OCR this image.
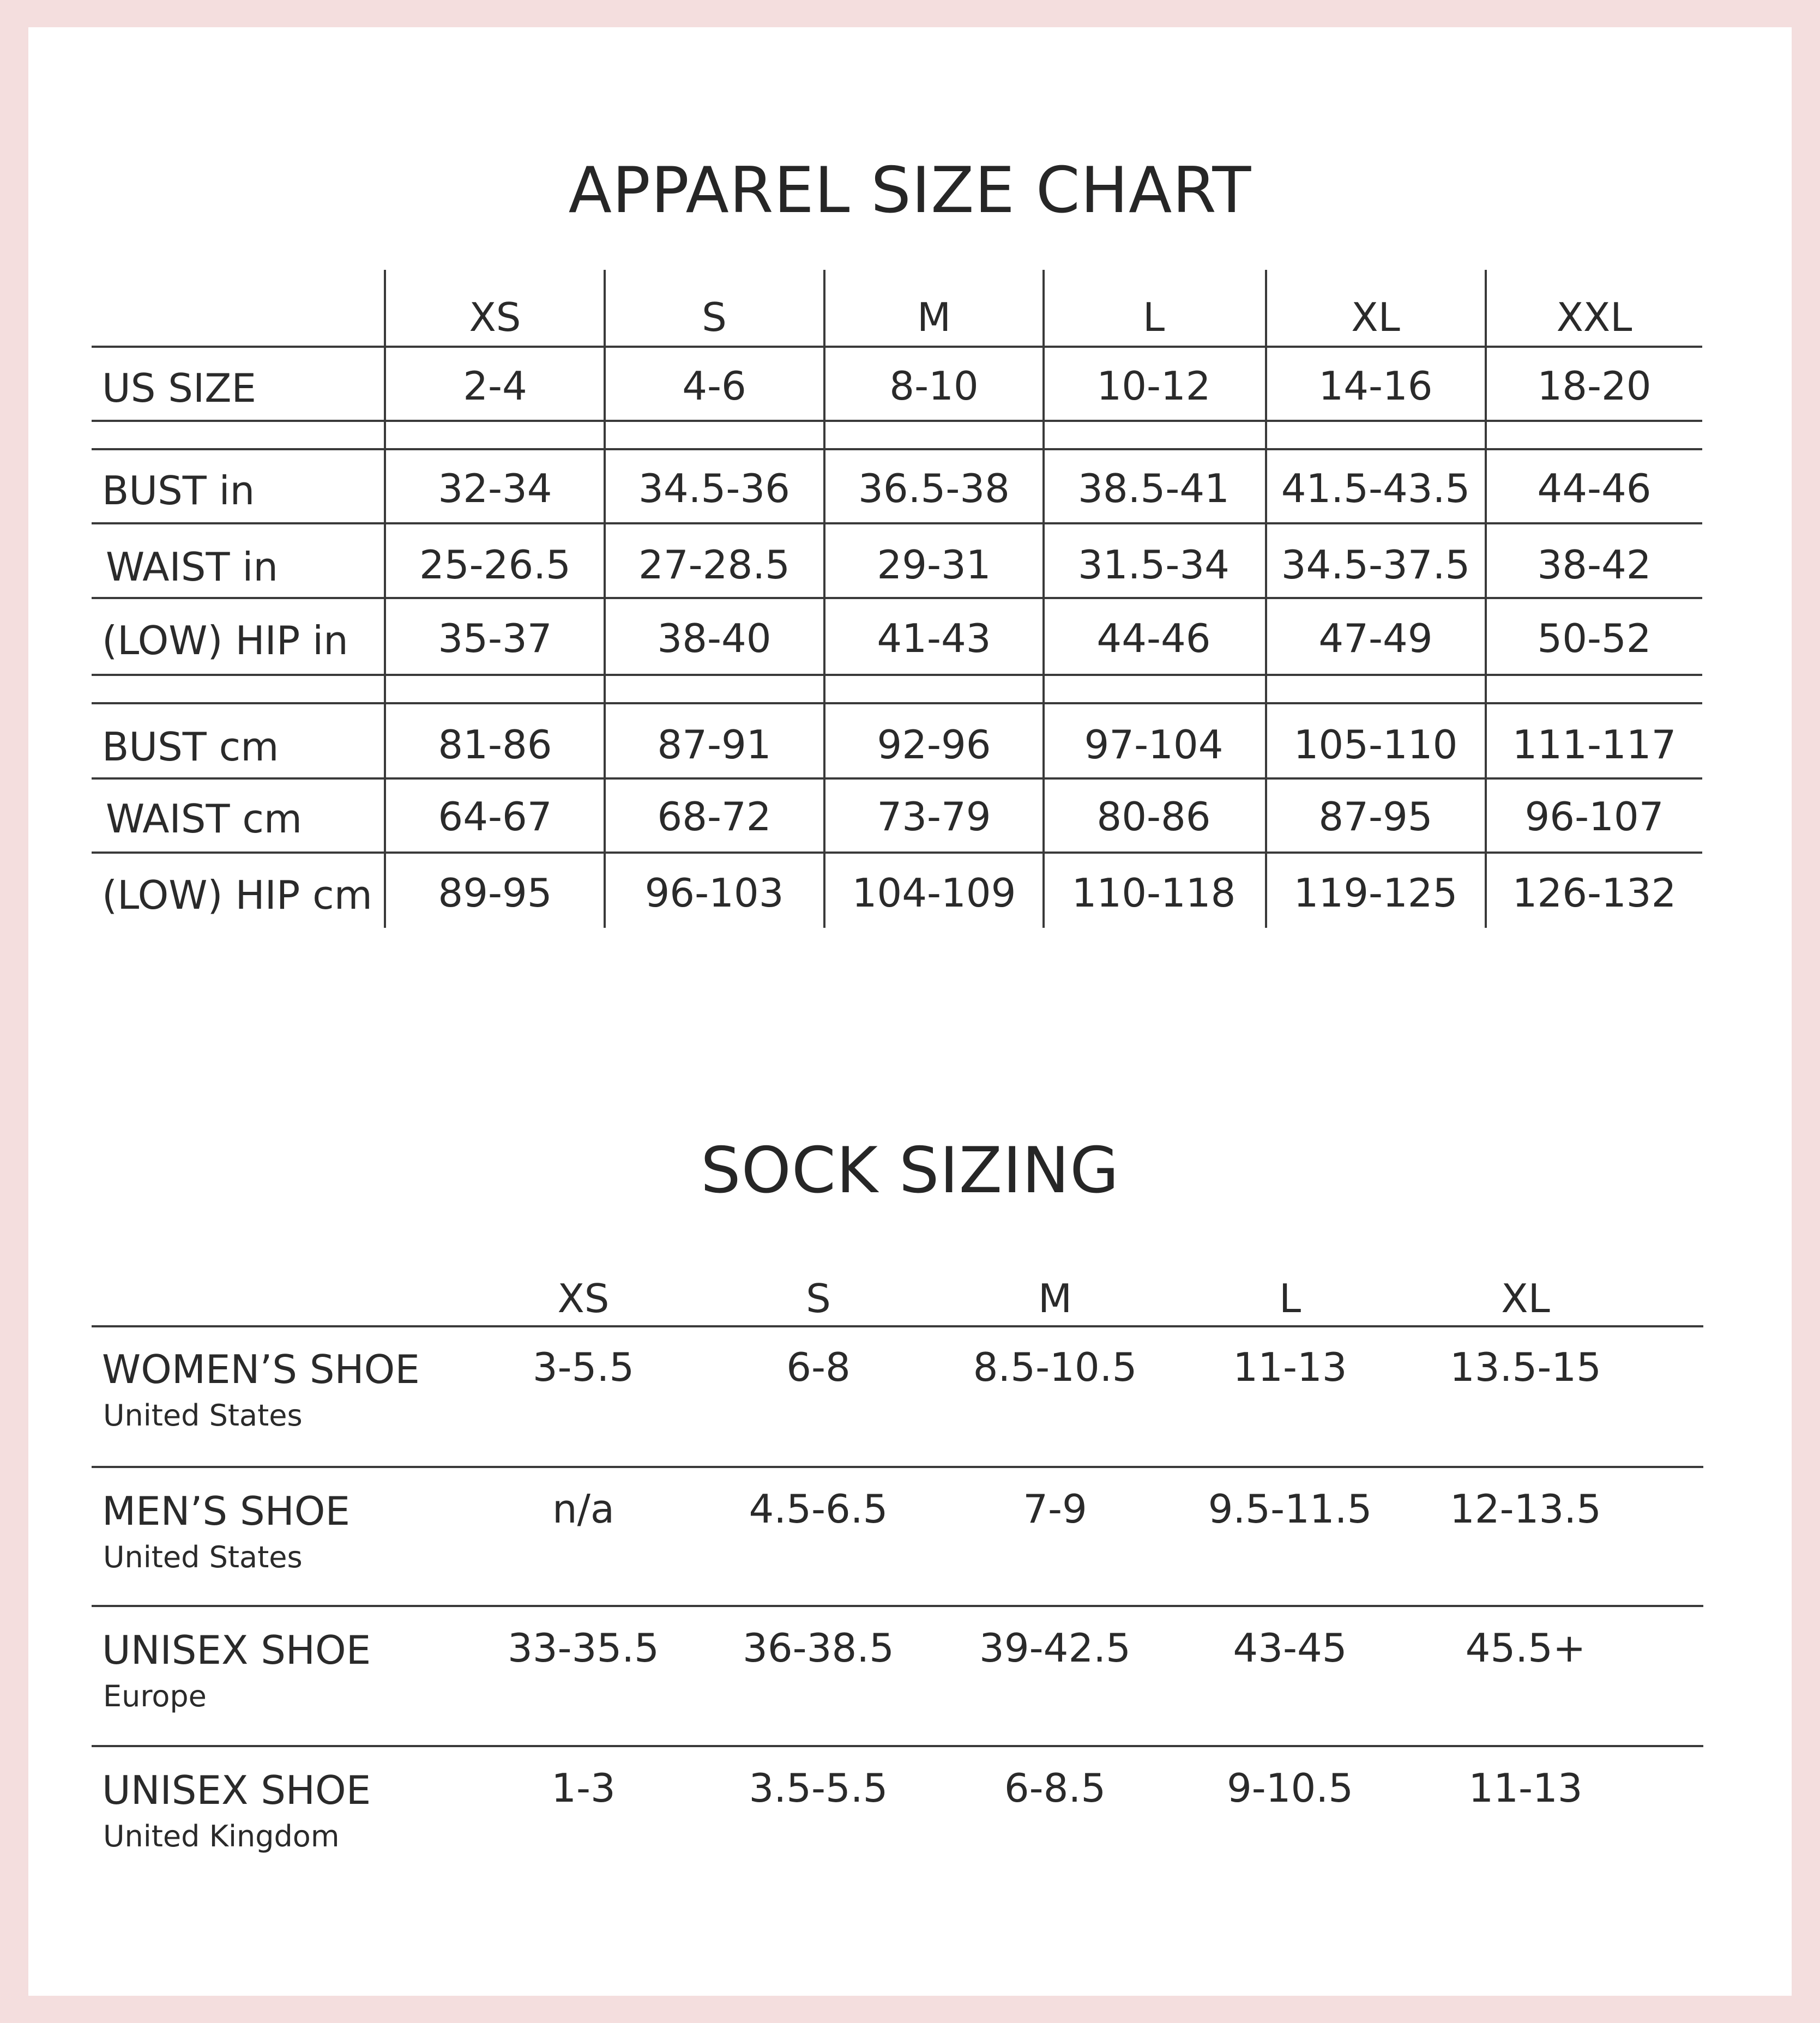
APPAREL SIZE CHART
XS	S	M	L	XL	XXL
US SIZE	2-4	4-6	8-10	10-12	14-16	18-20
BUST in	32-34	34.5-36	36.5-38	38.5-41	41.5-43.5	44-46
WAIST in	25-26.5	27-28.5	29-31	31.5-34	34.5-37.5	38-42
(LOW) HIP in	35-37	38-40	41-43	44-46	47-49	50-52
BUST cm	81-86	87-91	92-96	97-104	105-110	111-117
WAIST cm	64-67	68-72	73-79	80-86	87-95	96-107
(LOW) HIP cm	89-95	96-103	104-109	110-118	119-125	126-132
SOCK SIZING
XS	S	M	L	XL
WOMEN’S SHOE
United States
3-5.5	6-8	8.5-10.5	11-13	13.5-15
MEN’S SHOE
United States
n/a	4.5-6.5	7-9	9.5-11.5	12-13.5
UNISEX SHOE
Europe
33-35.5	36-38.5	39-42.5	43-45	45.5+
UNISEX SHOE
United Kingdom
1-3	3.5-5.5	6-8.5	9-10.5	11-13
